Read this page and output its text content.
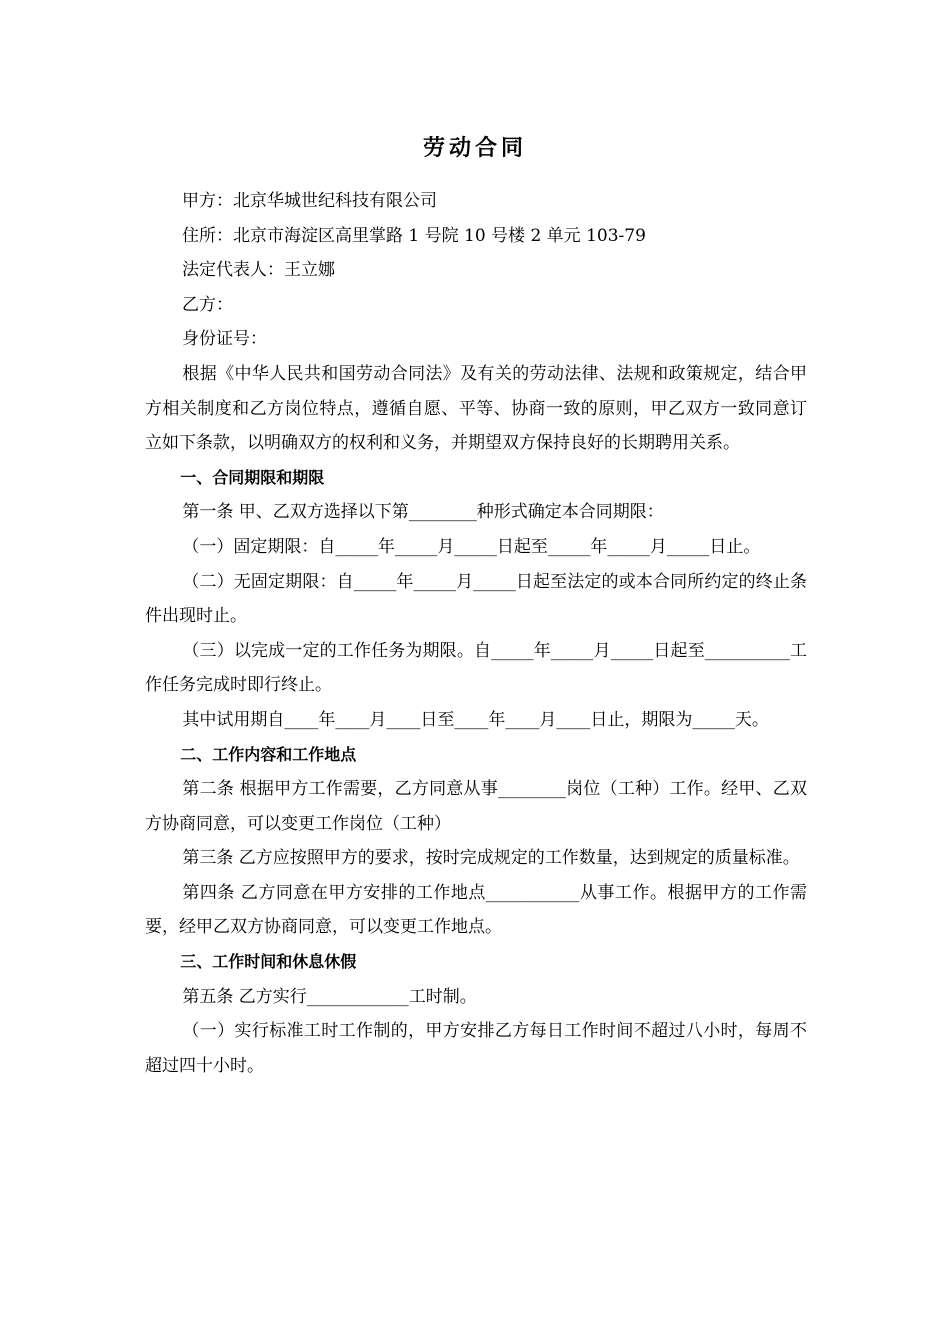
劳动合同

甲方：北京华城世纪科技有限公司

住所：北京市海淀区高里掌路 1 号院 10 号楼 2 单元 103-79

法定代表人：王立娜

乙方：

身份证号：

根据《中华人民共和国劳动合同法》及有关的劳动法律、法规和政策规定，结合甲方相关制度和乙方岗位特点，遵循自愿、平等、协商一致的原则，甲乙双方一致同意订立如下条款，以明确双方的权利和义务，并期望双方保持良好的长期聘用关系。

一、合同期限和期限

第一条 甲、乙双方选择以下第________种形式确定本合同期限：

（一）固定期限：自_____年_____月_____日起至_____年_____月_____日止。

（二）无固定期限：自_____年_____月_____日起至法定的或本合同所约定的终止条件出现时止。

（三）以完成一定的工作任务为期限。自_____年_____月_____日起至__________工作任务完成时即行终止。

其中试用期自____年____月____日至____年____月____日止，期限为_____天。

二、工作内容和工作地点

第二条 根据甲方工作需要，乙方同意从事________岗位（工种）工作。经甲、乙双方协商同意，可以变更工作岗位（工种）

第三条 乙方应按照甲方的要求，按时完成规定的工作数量，达到规定的质量标准。

第四条 乙方同意在甲方安排的工作地点___________从事工作。根据甲方的工作需要，经甲乙双方协商同意，可以变更工作地点。

三、工作时间和休息休假

第五条 乙方实行____________工时制。

（一）实行标准工时工作制的，甲方安排乙方每日工作时间不超过八小时，每周不超过四十小时。
